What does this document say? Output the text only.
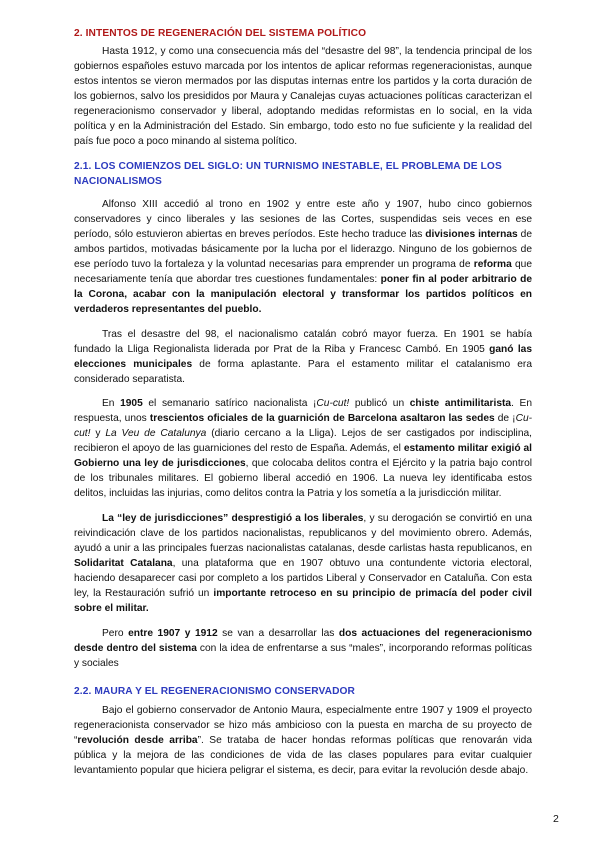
2. INTENTOS DE REGENERACIÓN DEL SISTEMA POLÍTICO

Hasta 1912, y como una consecuencia más del “desastre del 98”, la tendencia principal de los gobiernos españoles estuvo marcada por los intentos de aplicar reformas regeneracionistas, aunque estos intentos se vieron mermados por las disputas internas entre los partidos y la corta duración de los gobiernos, salvo los presididos por Maura y Canalejas cuyas actuaciones políticas caracterizan el regeneracionismo conservador y liberal, adoptando medidas reformistas en lo social, en la vida política y en la Administración del Estado. Sin embargo, todo esto no fue suficiente y la realidad del país fue poco a poco minando al sistema político.

2.1. LOS COMIENZOS DEL SIGLO: UN TURNISMO INESTABLE, EL PROBLEMA DE LOS NACIONALISMOS

Alfonso XIII accedió al trono en 1902 y entre este año y 1907, hubo cinco gobiernos conservadores y cinco liberales y las sesiones de las Cortes, suspendidas seis veces en ese período, sólo estuvieron abiertas en breves períodos. Este hecho traduce las divisiones internas de ambos partidos, motivadas básicamente por la lucha por el liderazgo. Ninguno de los gobiernos de ese período tuvo la fortaleza y la voluntad necesarias para emprender un programa de reforma que necesariamente tenía que abordar tres cuestiones fundamentales: poner fin al poder arbitrario de la Corona, acabar con la manipulación electoral y transformar los partidos políticos en verdaderos representantes del pueblo.

Tras el desastre del 98, el nacionalismo catalán cobró mayor fuerza. En 1901 se había fundado la Lliga Regionalista liderada por Prat de la Riba y Francesc Cambó. En 1905 ganó las elecciones municipales de forma aplastante. Para el estamento militar el catalanismo era considerado separatista.

En 1905 el semanario satírico nacionalista ¡Cu-cut! publicó un chiste antimilitarista. En respuesta, unos trescientos oficiales de la guarnición de Barcelona asaltaron las sedes de ¡Cu-cut! y La Veu de Catalunya (diario cercano a la Lliga). Lejos de ser castigados por indisciplina, recibieron el apoyo de las guarniciones del resto de España. Además, el estamento militar exigió al Gobierno una ley de jurisdicciones, que colocaba delitos contra el Ejército y la patria bajo control de los tribunales militares. El gobierno liberal accedió en 1906. La nueva ley identificaba estos delitos, incluidas las injurias, como delitos contra la Patria y los sometía a la jurisdicción militar.

La “ley de jurisdicciones” desprestigió a los liberales, y su derogación se convirtió en una reivindicación clave de los partidos nacionalistas, republicanos y del movimiento obrero. Además, ayudó a unir a las principales fuerzas nacionalistas catalanas, desde carlistas hasta republicanos, en Solidaritat Catalana, una plataforma que en 1907 obtuvo una contundente victoria electoral, haciendo desaparecer casi por completo a los partidos Liberal y Conservador en Cataluña. Con esta ley, la Restauración sufrió un importante retroceso en su principio de primacía del poder civil sobre el militar.

Pero entre 1907 y 1912 se van a desarrollar las dos actuaciones del regeneracionismo desde dentro del sistema con la idea de enfrentarse a sus “males”, incorporando reformas políticas y sociales

2.2. MAURA Y EL REGENERACIONISMO CONSERVADOR

Bajo el gobierno conservador de Antonio Maura, especialmente entre 1907 y 1909 el proyecto regeneracionista conservador se hizo más ambicioso con la puesta en marcha de su proyecto de “revolución desde arriba”. Se trataba de hacer hondas reformas políticas que renovarán vida pública y la mejora de las condiciones de vida de las clases populares para evitar cualquier levantamiento popular que hiciera peligrar el sistema, es decir, para evitar la revolución desde abajo.

2
